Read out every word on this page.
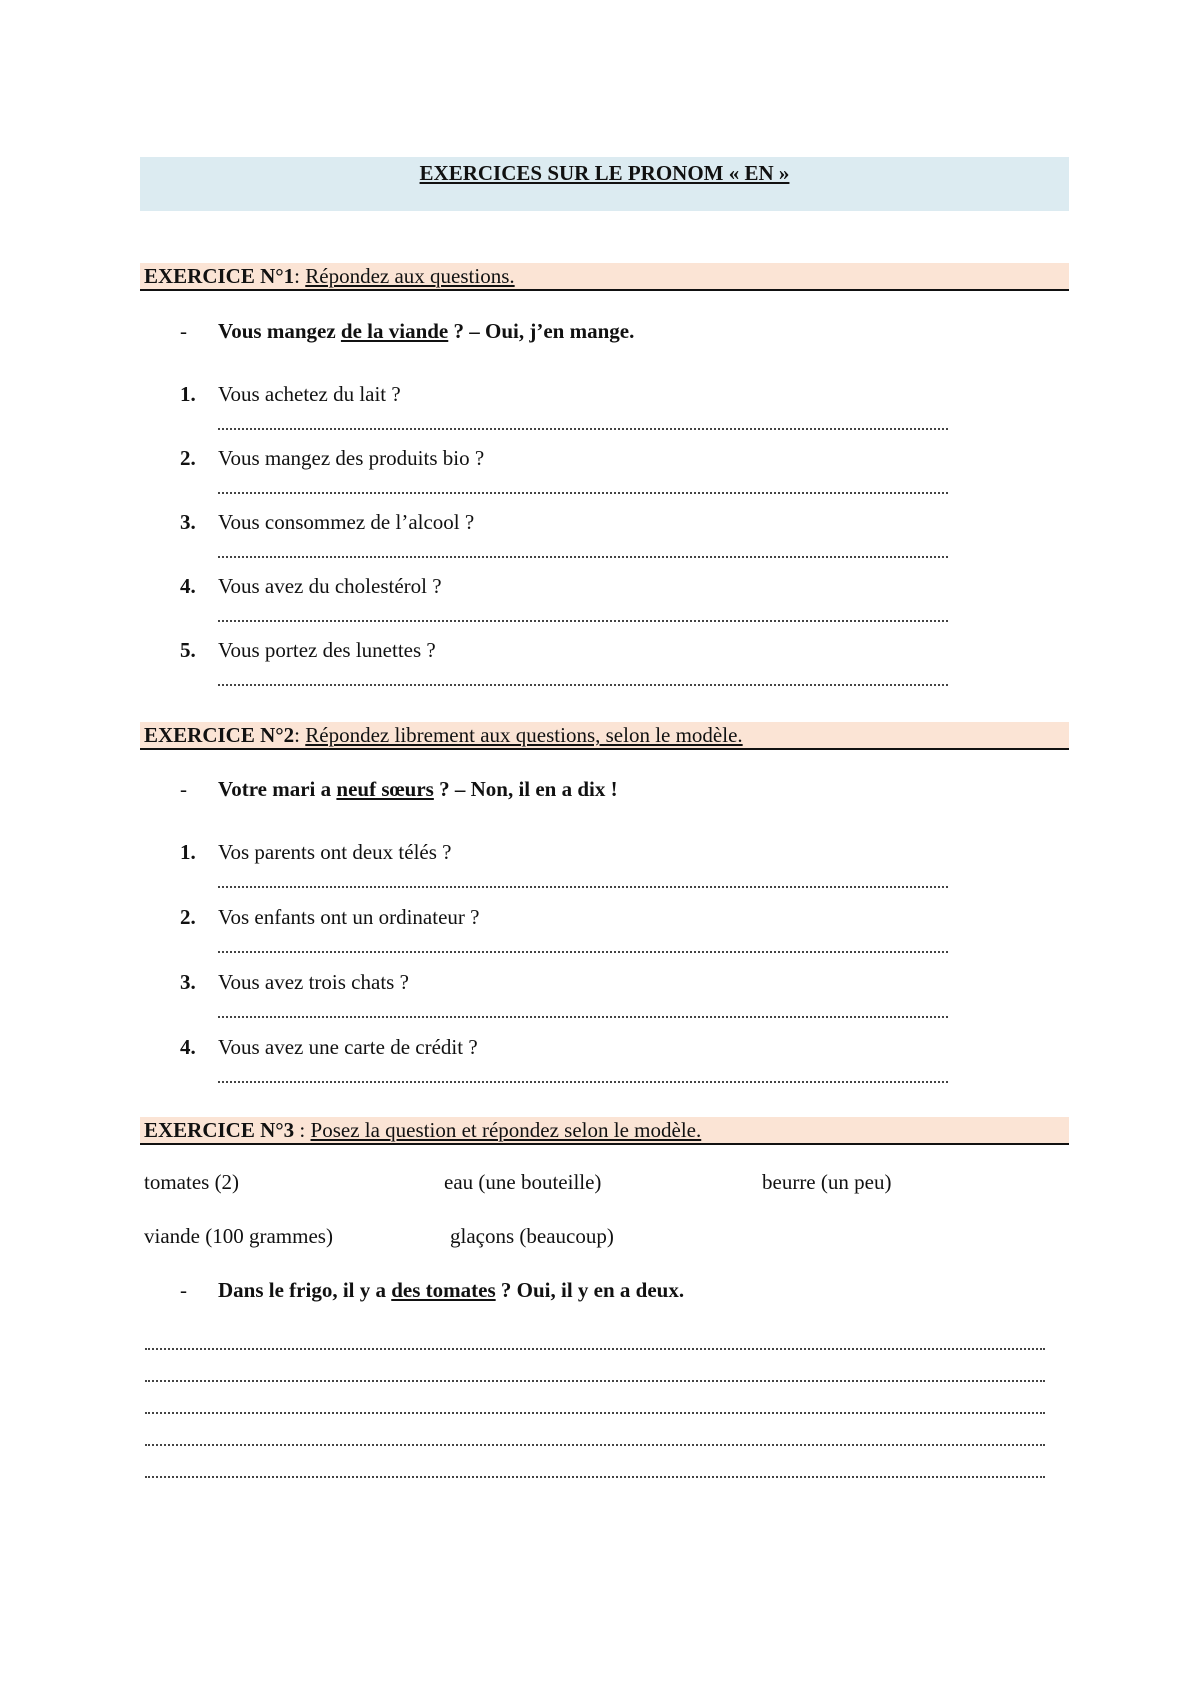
EXERCICES SUR LE PRONOM « EN »
EXERCICE N°1: Répondez aux questions.
- Vous mangez de la viande ? – Oui, j’en mange.
1. Vous achetez du lait ?
2. Vous mangez des produits bio ?
3. Vous consommez de l’alcool ?
4. Vous avez du cholestérol ?
5. Vous portez des lunettes ?
EXERCICE N°2: Répondez librement aux questions, selon le modèle.
- Votre mari a neuf sœurs ? – Non, il en a dix !
1. Vos parents ont deux télés ?
2. Vos enfants ont un ordinateur ?
3. Vous avez trois chats ?
4. Vous avez une carte de crédit ?
EXERCICE N°3 : Posez la question et répondez selon le modèle.
tomates (2)	eau (une bouteille)	beurre (un peu)
viande (100 grammes)	glaçons (beaucoup)
- Dans le frigo, il y a des tomates ? Oui, il y en a deux.
